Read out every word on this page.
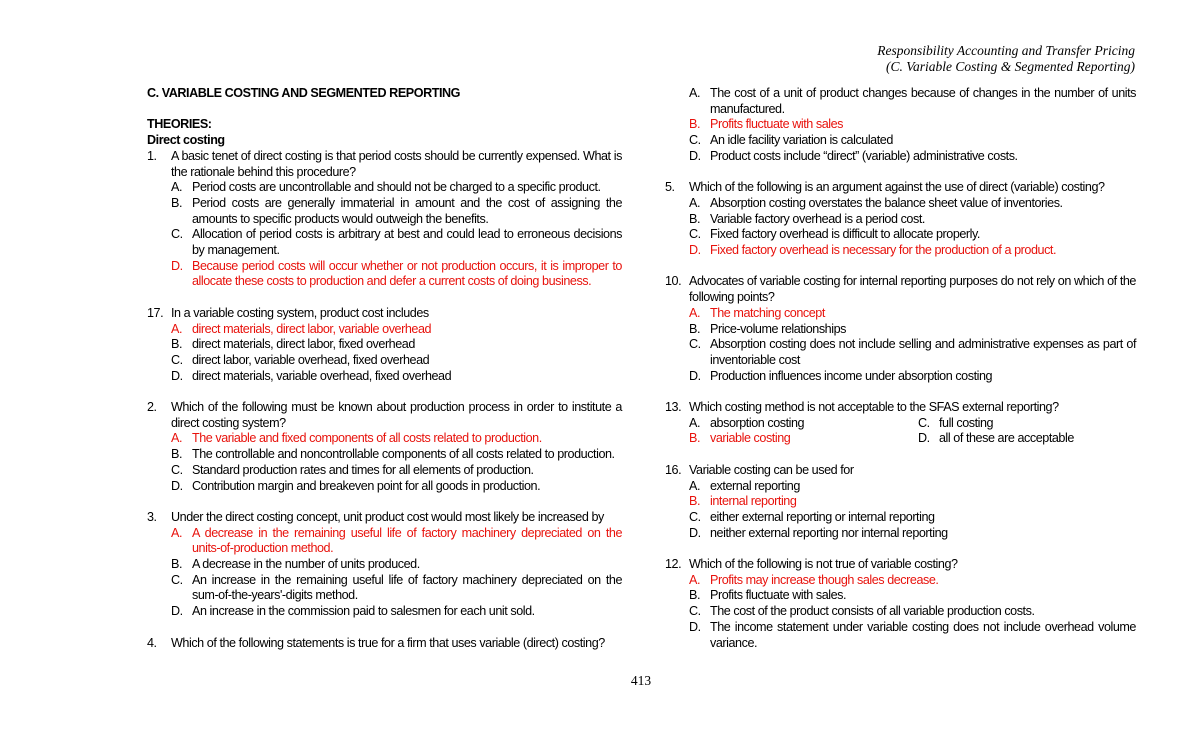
Responsibility Accounting and Transfer Pricing
(C. Variable Costing & Segmented Reporting)
C. VARIABLE COSTING AND SEGMENTED REPORTING
THEORIES:
Direct costing
1.	A basic tenet of direct costing is that period costs should be currently expensed. What is the rationale behind this procedure?
A. Period costs are uncontrollable and should not be charged to a specific product.
B. Period costs are generally immaterial in amount and the cost of assigning the amounts to specific products would outweigh the benefits.
C. Allocation of period costs is arbitrary at best and could lead to erroneous decisions by management.
D. Because period costs will occur whether or not production occurs, it is improper to allocate these costs to production and defer a current costs of doing business.
17. In a variable costing system, product cost includes
A. direct materials, direct labor, variable overhead
B. direct materials, direct labor, fixed overhead
C. direct labor, variable overhead, fixed overhead
D. direct materials, variable overhead, fixed overhead
2.	Which of the following must be known about production process in order to institute a direct costing system?
A. The variable and fixed components of all costs related to production.
B. The controllable and noncontrollable components of all costs related to production.
C. Standard production rates and times for all elements of production.
D. Contribution margin and breakeven point for all goods in production.
3.	Under the direct costing concept, unit product cost would most likely be increased by
A. A decrease in the remaining useful life of factory machinery depreciated on the units-of-production method.
B. A decrease in the number of units produced.
C. An increase in the remaining useful life of factory machinery depreciated on the sum-of-the-years'-digits method.
D. An increase in the commission paid to salesmen for each unit sold.
4.	Which of the following statements is true for a firm that uses variable (direct) costing?
A. The cost of a unit of product changes because of changes in the number of units manufactured.
B. Profits fluctuate with sales
C. An idle facility variation is calculated
D. Product costs include “direct” (variable) administrative costs.
5.	Which of the following is an argument against the use of direct (variable) costing?
A. Absorption costing overstates the balance sheet value of inventories.
B. Variable factory overhead is a period cost.
C. Fixed factory overhead is difficult to allocate properly.
D. Fixed factory overhead is necessary for the production of a product.
10. Advocates of variable costing for internal reporting purposes do not rely on which of the following points?
A. The matching concept
B. Price-volume relationships
C. Absorption costing does not include selling and administrative expenses as part of inventoriable cost
D. Production influences income under absorption costing
13. Which costing method is not acceptable to the SFAS external reporting?
A. absorption costing	C. full costing
B. variable costing	D. all of these are acceptable
16. Variable costing can be used for
A. external reporting
B. internal reporting
C. either external reporting or internal reporting
D. neither external reporting nor internal reporting
12. Which of the following is not true of variable costing?
A. Profits may increase though sales decrease.
B. Profits fluctuate with sales.
C. The cost of the product consists of all variable production costs.
D. The income statement under variable costing does not include overhead volume variance.
413
